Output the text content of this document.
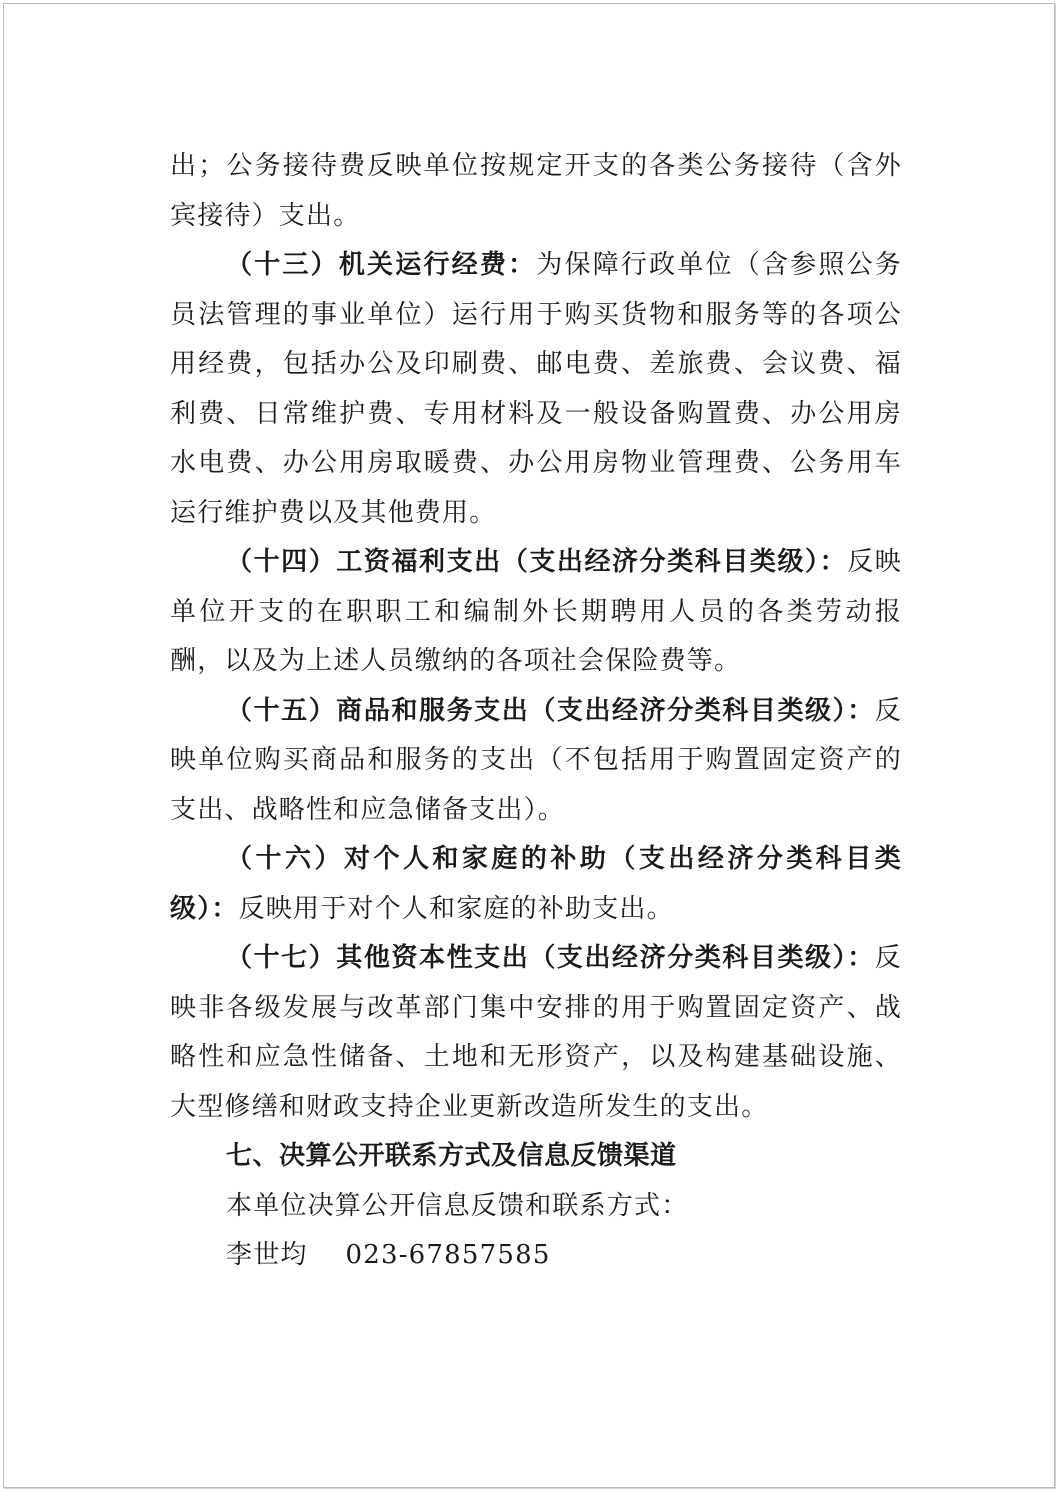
出；公务接待费反映单位按规定开支的各类公务接待（含外宾接待）支出。

（十三）机关运行经费：为保障行政单位（含参照公务员法管理的事业单位）运行用于购买货物和服务等的各项公用经费，包括办公及印刷费、邮电费、差旅费、会议费、福利费、日常维护费、专用材料及一般设备购置费、办公用房水电费、办公用房取暖费、办公用房物业管理费、公务用车运行维护费以及其他费用。

（十四）工资福利支出（支出经济分类科目类级）：反映单位开支的在职职工和编制外长期聘用人员的各类劳动报酬，以及为上述人员缴纳的各项社会保险费等。

（十五）商品和服务支出（支出经济分类科目类级）：反映单位购买商品和服务的支出（不包括用于购置固定资产的支出、战略性和应急储备支出）。

（十六）对个人和家庭的补助（支出经济分类科目类级）：反映用于对个人和家庭的补助支出。

（十七）其他资本性支出（支出经济分类科目类级）：反映非各级发展与改革部门集中安排的用于购置固定资产、战略性和应急性储备、土地和无形资产，以及构建基础设施、大型修缮和财政支持企业更新改造所发生的支出。

七、决算公开联系方式及信息反馈渠道

本单位决算公开信息反馈和联系方式：

李世均 023-67857585
